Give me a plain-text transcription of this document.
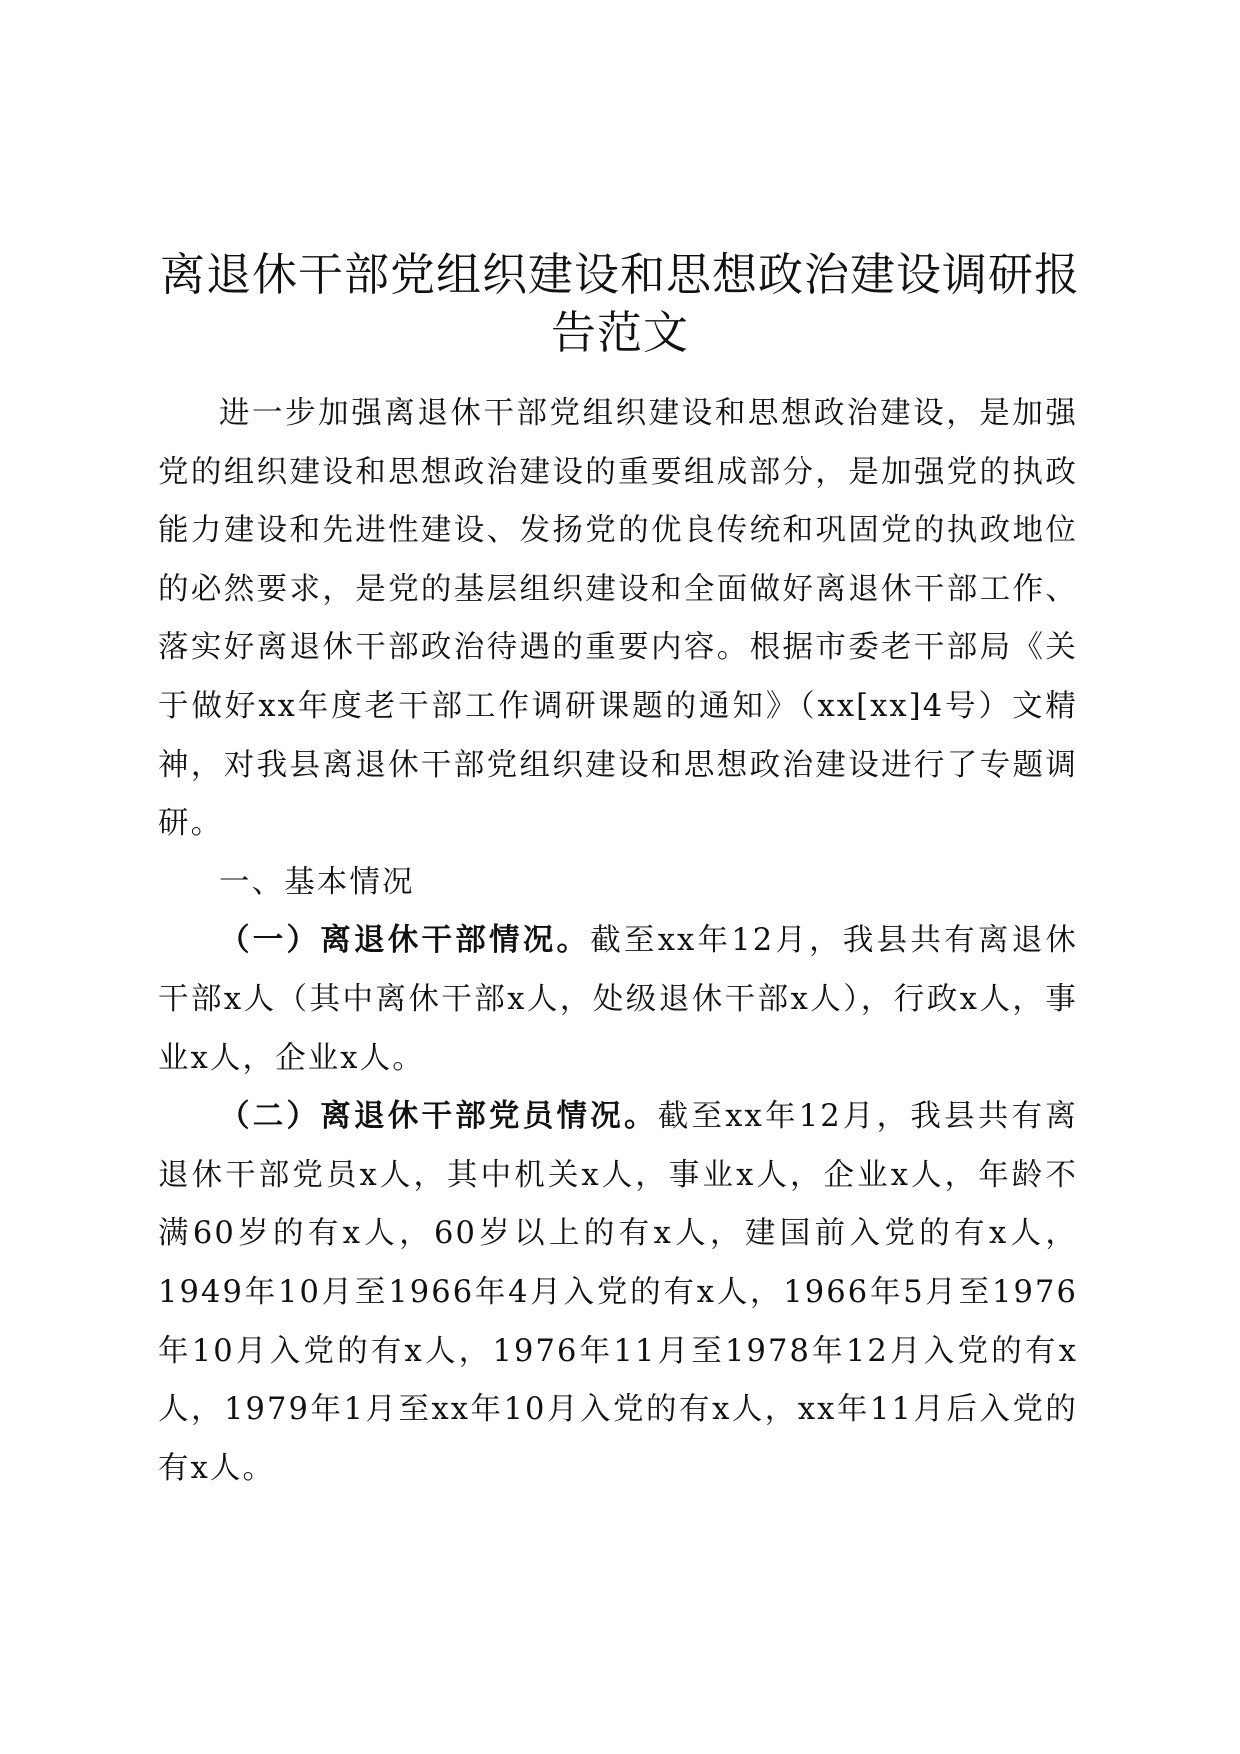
离退休干部党组织建设和思想政治建设调研报告范文

进一步加强离退休干部党组织建设和思想政治建设，是加强党的组织建设和思想政治建设的重要组成部分，是加强党的执政能力建设和先进性建设、发扬党的优良传统和巩固党的执政地位的必然要求，是党的基层组织建设和全面做好离退休干部工作、落实好离退休干部政治待遇的重要内容。根据市委老干部局《关于做好xx年度老干部工作调研课题的通知》（xx[xx]4号）文精神，对我县离退休干部党组织建设和思想政治建设进行了专题调研。

一、基本情况

（一）离退休干部情况。截至xx年12月，我县共有离退休干部x人（其中离休干部x人，处级退休干部x人），行政x人，事业x人，企业x人。

（二）离退休干部党员情况。截至xx年12月，我县共有离退休干部党员x人，其中机关x人，事业x人，企业x人，年龄不满60岁的有x人，60岁以上的有x人，建国前入党的有x人，1949年10月至1966年4月入党的有x人，1966年5月至1976年10月入党的有x人，1976年11月至1978年12月入党的有x人，1979年1月至xx年10月入党的有x人，xx年11月后入党的有x人。
